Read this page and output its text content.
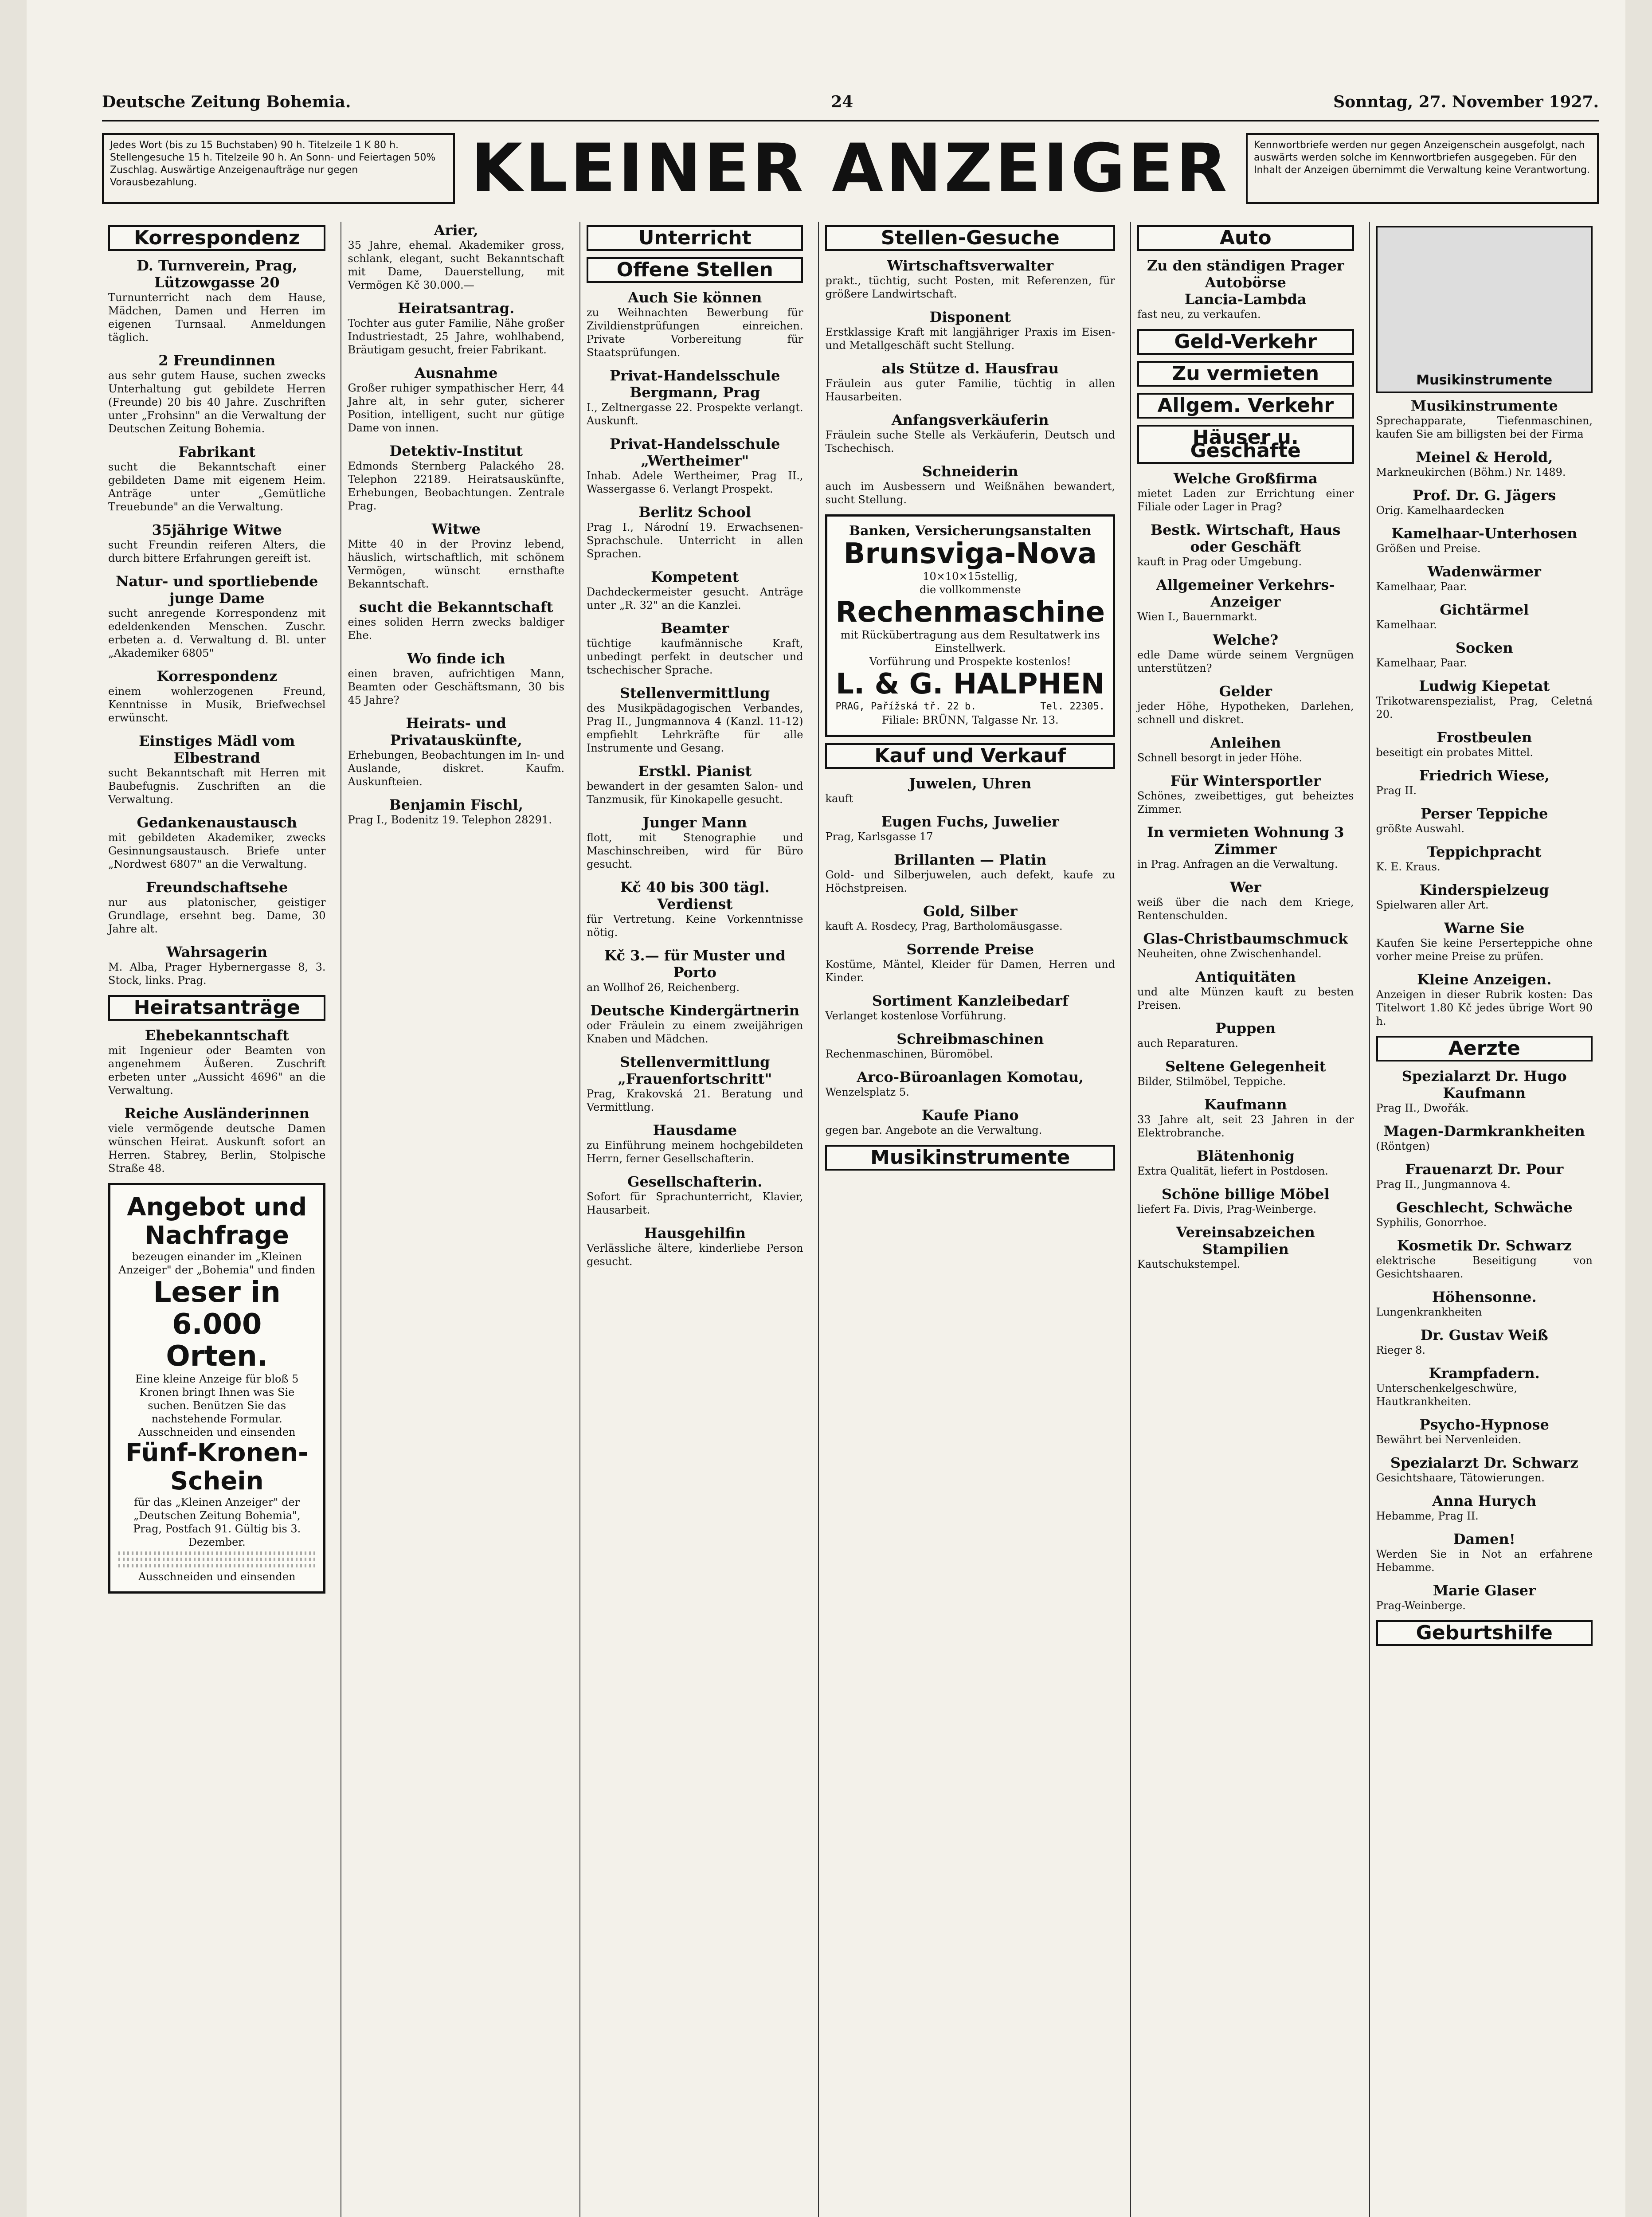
Deutsche Zeitung Bohemia.	24	Sonntag, 27. November 1927.
Jedes Wort (bis zu 15 Buchstaben) 90 h. Titelzeile 1 K 80 h. Stellengesuche 15 h. Titelzeile 90 h. An Sonn- und Feiertagen 50% Zuschlag. Auswärtige Anzeigenaufträge nur gegen Vorausbezahlung.	KLEINER ANZEIGER	Kennwortbriefe werden nur gegen Anzeigenschein ausgefolgt, nach auswärts werden solche im Kennwortbriefen ausgegeben. Für den Inhalt der Anzeigen übernimmt die Verwaltung keine Verantwortung.
Korrespondenz
D. Turnverein, Prag, Lützowgasse 20
Turnunterricht nach dem Hause, Mädchen, Damen und Herren im eigenen Turnsaal. Anmeldungen täglich.
2 Freundinnen
aus sehr gutem Hause, suchen zwecks Unterhaltung gut gebildete Herren (Freunde) 20 bis 40 Jahre. Zuschriften unter „Frohsinn" an die Verwaltung der Deutschen Zeitung Bohemia.
Fabrikant
sucht die Bekanntschaft einer gebildeten Dame mit eigenem Heim. Anträge unter „Gemütliche Treuebunde" an die Verwaltung.
35jährige Witwe
sucht Freundin reiferen Alters, die durch bittere Erfahrungen gereift ist.
Natur- und sportliebende junge Dame
sucht anregende Korrespondenz mit edeldenkenden Menschen. Zuschr. erbeten a. d. Verwaltung d. Bl. unter „Akademiker 6805"
Korrespondenz
einem wohlerzogenen Freund, Kenntnisse in Musik, Briefwechsel erwünscht.
Einstiges Mädl vom Elbestrand
sucht Bekanntschaft mit Herren mit Baubefugnis. Zuschriften an die Verwaltung.
Gedankenaustausch
mit gebildeten Akademiker, zwecks Gesinnungsaustausch. Briefe unter „Nordwest 6807" an die Verwaltung.
Freundschaftsehe
nur aus platonischer, geistiger Grundlage, ersehnt beg. Dame, 30 Jahre alt.
Wahrsagerin
M. Alba, Prager Hybernergasse 8, 3. Stock, links. Prag.
Heiratsanträge
Ehebekanntschaft
mit Ingenieur oder Beamten von angenehmem Äußeren. Zuschrift erbeten unter „Aussicht 4696" an die Verwaltung.
Reiche Ausländerinnen
viele vermögende deutsche Damen wünschen Heirat. Auskunft sofort an Herren. Stabrey, Berlin, Stolpische Straße 48.
Angebot und Nachfrage
bezeugen einander im „Kleinen Anzeiger" der „Bohemia" und finden
Leser in 6.000 Orten.
Eine kleine Anzeige für bloß 5 Kronen bringt Ihnen was Sie suchen. Benützen Sie das nachstehende Formular.
Ausschneiden und einsenden
Fünf-Kronen-Schein
für das „Kleinen Anzeiger" der „Deutschen Zeitung Bohemia", Prag, Postfach 91. Gültig bis 3. Dezember.
Ausschneiden und einsenden
Arier,
35 Jahre, ehemal. Akademiker gross, schlank, elegant, sucht Bekanntschaft mit Dame, Dauerstellung, mit Vermögen Kč 30.000.—
Heiratsantrag.
Tochter aus guter Familie, Nähe großer Industriestadt, 25 Jahre, wohlhabend, Bräutigam gesucht, freier Fabrikant.
Ausnahme
Großer ruhiger sympathischer Herr, 44 Jahre alt, in sehr guter, sicherer Position, intelligent, sucht nur gütige Dame von innen.
Detektiv-Institut
Edmonds Sternberg Palackého 28. Telephon 22189. Heiratsauskünfte, Erhebungen, Beobachtungen. Zentrale Prag.
Witwe
Mitte 40 in der Provinz lebend, häuslich, wirtschaftlich, mit schönem Vermögen, wünscht ernsthafte Bekanntschaft.
sucht die Bekanntschaft
eines soliden Herrn zwecks baldiger Ehe.
Wo finde ich
einen braven, aufrichtigen Mann, Beamten oder Geschäftsmann, 30 bis 45 Jahre?
Heirats- und Privatauskünfte,
Erhebungen, Beobachtungen im In- und Auslande, diskret. Kaufm. Auskunfteien.
Benjamin Fischl,
Prag I., Bodenitz 19. Telephon 28291.
Unterricht
Offene Stellen
Auch Sie können
zu Weihnachten Bewerbung für Zivildienstprüfungen einreichen. Private Vorbereitung für Staatsprüfungen.
Privat-Handelsschule Bergmann, Prag
I., Zeltnergasse 22. Prospekte verlangt. Auskunft.
Privat-Handelsschule „Wertheimer"
Inhab. Adele Wertheimer, Prag II., Wassergasse 6. Verlangt Prospekt.
Berlitz School
Prag I., Národní 19. Erwachsenen-Sprachschule. Unterricht in allen Sprachen.
Kompetent
Dachdeckermeister gesucht. Anträge unter „R. 32" an die Kanzlei.
Beamter
tüchtige kaufmännische Kraft, unbedingt perfekt in deutscher und tschechischer Sprache.
Stellenvermittlung
des Musikpädagogischen Verbandes, Prag II., Jungmannova 4 (Kanzl. 11-12) empfiehlt Lehrkräfte für alle Instrumente und Gesang.
Erstkl. Pianist
bewandert in der gesamten Salon- und Tanzmusik, für Kinokapelle gesucht.
Junger Mann
flott, mit Stenographie und Maschinschreiben, wird für Büro gesucht.
Kč 40 bis 300 tägl. Verdienst
für Vertretung. Keine Vorkenntnisse nötig.
Kč 3.— für Muster und Porto
an Wollhof 26, Reichenberg.
Deutsche Kindergärtnerin
oder Fräulein zu einem zweijährigen Knaben und Mädchen.
Stellenvermittlung „Frauenfortschritt"
Prag, Krakovská 21. Beratung und Vermittlung.
Hausdame
zu Einführung meinem hochgebildeten Herrn, ferner Gesellschafterin.
Gesellschafterin.
Sofort für Sprachunterricht, Klavier, Hausarbeit.
Hausgehilfin
Verlässliche ältere, kinderliebe Person gesucht.
Stellen-Gesuche
Wirtschaftsverwalter
prakt., tüchtig, sucht Posten, mit Referenzen, für größere Landwirtschaft.
Disponent
Erstklassige Kraft mit langjähriger Praxis im Eisen- und Metallgeschäft sucht Stellung.
als Stütze d. Hausfrau
Fräulein aus guter Familie, tüchtig in allen Hausarbeiten.
Anfangsverkäuferin
Fräulein suche Stelle als Verkäuferin, Deutsch und Tschechisch.
Schneiderin
auch im Ausbessern und Weißnähen bewandert, sucht Stellung.
Banken, Versicherungsanstalten
Brunsviga-Nova
10×10×15stellig,
die vollkommenste
Rechenmaschine
mit Rückübertragung aus dem Resultatwerk ins Einstellwerk.
Vorführung und Prospekte kostenlos!
L. & G. HALPHEN
PRAG, Pařížská tř. 22 b.	Tel. 22305.
Filiale: BRÜNN, Talgasse Nr. 13.
Kauf und Verkauf
Juwelen, Uhren
kauft
Eugen Fuchs, Juwelier
Prag, Karlsgasse 17
Brillanten — Platin
Gold- und Silberjuwelen, auch defekt, kaufe zu Höchstpreisen.
Gold, Silber
kauft A. Rosdecy, Prag, Bartholomäusgasse.
Sorrende Preise
Kostüme, Mäntel, Kleider für Damen, Herren und Kinder.
Sortiment Kanzleibedarf
Verlanget kostenlose Vorführung.
Schreibmaschinen
Rechenmaschinen, Büromöbel.
Arco-Büroanlagen Komotau,
Wenzelsplatz 5.
Kaufe Piano
gegen bar. Angebote an die Verwaltung.
Musikinstrumente
Auto
Zu den ständigen Prager Autobörse
Lancia-Lambda
fast neu, zu verkaufen.
Geld-Verkehr
Zu vermieten
Allgem. Verkehr
Häuser u. Geschäfte
Welche Großfirma
mietet Laden zur Errichtung einer Filiale oder Lager in Prag?
Bestk. Wirtschaft, Haus oder Geschäft
kauft in Prag oder Umgebung.
Allgemeiner Verkehrs-Anzeiger
Wien I., Bauernmarkt.
Welche?
edle Dame würde seinem Vergnügen unterstützen?
Gelder
jeder Höhe, Hypotheken, Darlehen, schnell und diskret.
Anleihen
Schnell besorgt in jeder Höhe.
Für Wintersportler
Schönes, zweibettiges, gut beheiztes Zimmer.
In vermieten Wohnung 3 Zimmer
in Prag. Anfragen an die Verwaltung.
Wer
weiß über die nach dem Kriege, Rentenschulden.
Glas-Christbaumschmuck
Neuheiten, ohne Zwischenhandel.
Antiquitäten
und alte Münzen kauft zu besten Preisen.
Puppen
auch Reparaturen.
Seltene Gelegenheit
Bilder, Stilmöbel, Teppiche.
Kaufmann
33 Jahre alt, seit 23 Jahren in der Elektrobranche.
Blätenhonig
Extra Qualität, liefert in Postdosen.
Schöne billige Möbel
liefert Fa. Divis, Prag-Weinberge.
Vereinsabzeichen Stampilien
Kautschukstempel.
Musikinstrumente
Musikinstrumente
Sprechapparate, Tiefenmaschinen, kaufen Sie am billigsten bei der Firma
Meinel & Herold,
Markneukirchen (Böhm.) Nr. 1489.
Prof. Dr. G. Jägers
Orig. Kamelhaardecken
Kamelhaar-Unterhosen
Größen und Preise.
Wadenwärmer
Kamelhaar, Paar.
Gichtärmel
Kamelhaar.
Socken
Kamelhaar, Paar.
Ludwig Kiepetat
Trikotwarenspezialist, Prag, Celetná 20.
Frostbeulen
beseitigt ein probates Mittel.
Friedrich Wiese,
Prag II.
Perser Teppiche
größte Auswahl.
Teppichpracht
K. E. Kraus.
Kinderspielzeug
Spielwaren aller Art.
Warne Sie
Kaufen Sie keine Perserteppiche ohne vorher meine Preise zu prüfen.
Kleine Anzeigen.
Anzeigen in dieser Rubrik kosten: Das Titelwort 1.80 Kč jedes übrige Wort 90 h.
Aerzte
Spezialarzt Dr. Hugo Kaufmann
Prag II., Dwořák.
Magen-Darmkrankheiten
(Röntgen)
Frauenarzt Dr. Pour
Prag II., Jungmannova 4.
Geschlecht, Schwäche
Syphilis, Gonorrhoe.
Kosmetik Dr. Schwarz
elektrische Beseitigung von Gesichtshaaren.
Höhensonne.
Lungenkrankheiten
Dr. Gustav Weiß
Rieger 8.
Krampfadern.
Unterschenkelgeschwüre, Hautkrankheiten.
Psycho-Hypnose
Bewährt bei Nervenleiden.
Spezialarzt Dr. Schwarz
Gesichtshaare, Tätowierungen.
Anna Hurych
Hebamme, Prag II.
Damen!
Werden Sie in Not an erfahrene Hebamme.
Marie Glaser
Prag-Weinberge.
Geburtshilfe
